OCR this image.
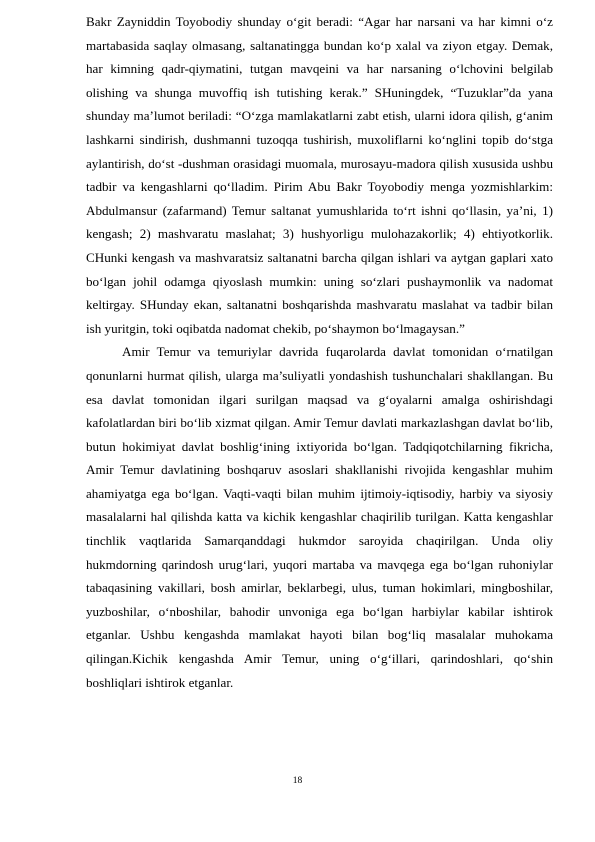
Bakr Zayniddin Toyobodiy shunday o‘git beradi: “Agar har narsani va har kimni o‘z martabasida saqlay olmasang, saltanatingga bundan ko‘p xalal va ziyon etgay. Demak, har kimning qadr-qiymatini, tutgan mavqeini va har narsaning o‘lchovini belgilab olishing va shunga muvoffiq ish tutishing kerak.” SHuningdek, “Tuzuklar”da yana shunday ma’lumot beriladi: “O‘zga mamlakatlarni zabt etish, ularni idora qilish, g‘anim lashkarni sindirish, dushmanni tuzoqqa tushirish, muxoliflarni ko‘nglini topib do‘stga aylantirish, do‘st -dushman orasidagi muomala, murosayu-madora qilish xususida ushbu tadbir va kengashlarni qo‘lladim. Pirim Abu Bakr Toyobodiy menga yozmishlarkim: Abdulmansur (zafarmand) Temur saltanat yumushlarida to‘rt ishni qo‘llasin, ya’ni, 1) kengash; 2) mashvaratu maslahat; 3) hushyorligu mulohazakorlik; 4) ehtiyotkorlik. CHunki kengash va mashvaratsiz saltanatni barcha qilgan ishlari va aytgan gaplari xato bo‘lgan johil odamga qiyoslash mumkin: uning so‘zlari pushaymonlik va nadomat keltirgay. SHunday ekan, saltanatni boshqarishda mashvaratu maslahat va tadbir bilan ish yuritgin, toki oqibatda nadomat chekib, po‘shaymon bo‘lmagaysan.”

Amir Temur va temuriylar davrida fuqarolarda davlat tomonidan o‘rnatilgan qonunlarni hurmat qilish, ularga ma’suliyatli yondashish tushunchalari shakllangan. Bu esa davlat tomonidan ilgari surilgan maqsad va g‘oyalarni amalga oshirishdagi kafolatlardan biri bo‘lib xizmat qilgan. Amir Temur davlati markazlashgan davlat bo‘lib, butun hokimiyat davlat boshlig‘ining ixtiyorida bo‘lgan. Tadqiqotchilarning fikricha, Amir Temur davlatining boshqaruv asoslari shakllanishi rivojida kengashlar muhim ahamiyatga ega bo‘lgan. Vaqti-vaqti bilan muhim ijtimoiy-iqtisodiy, harbiy va siyosiy masalalarni hal qilishda katta va kichik kengashlar chaqirilib turilgan. Katta kengashlar tinchlik vaqtlarida Samarqanddagi hukmdor saroyida chaqirilgan. Unda oliy hukmdorning qarindosh urug‘lari, yuqori martaba va mavqega ega bo‘lgan ruhoniylar tabaqasining vakillari, bosh amirlar, beklarbegi, ulus, tuman hokimlari, mingboshilar, yuzboshilar, o‘nboshilar, bahodir unvoniga ega bo‘lgan harbiylar kabilar ishtirok etganlar. Ushbu kengashda mamlakat hayoti bilan bog‘liq masalalar muhokama qilingan.Kichik kengashda Amir Temur, uning o‘g‘illari, qarindoshlari, qo‘shin boshliqlari ishtirok etganlar.

18
